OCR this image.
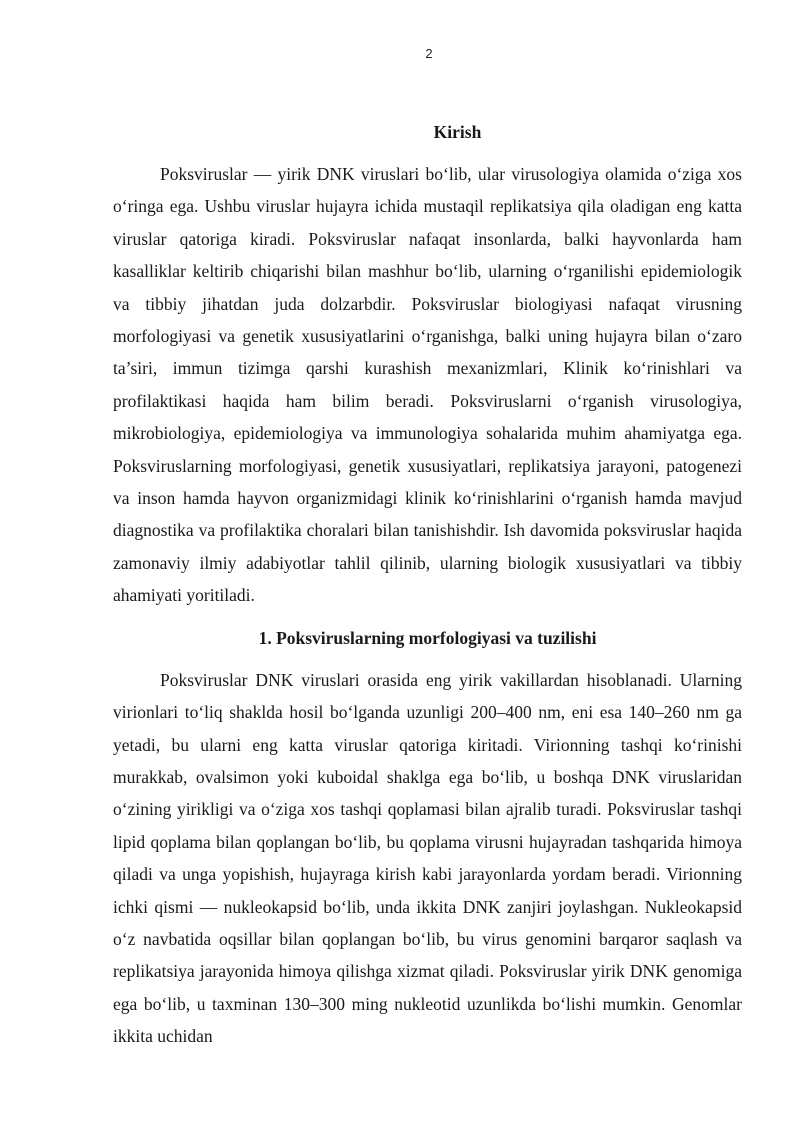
2
Kirish

Poksviruslar — yirik DNK viruslari bo‘lib, ular virusologiya olamida o‘ziga xos o‘ringa ega. Ushbu viruslar hujayra ichida mustaqil replikatsiya qila oladigan eng katta viruslar qatoriga kiradi. Poksviruslar nafaqat insonlarda, balki hayvonlarda ham kasalliklar keltirib chiqarishi bilan mashhur bo‘lib, ularning o‘rganilishi epidemiologik va tibbiy jihatdan juda dolzarbdir. Poksviruslar biologiyasi nafaqat virusning morfologiyasi va genetik xususiyatlarini o‘rganishga, balki uning hujayra bilan o‘zaro ta’siri, immun tizimga qarshi kurashish mexanizmlari, Klinik ko‘rinishlari va profilaktikasi haqida ham bilim beradi. Poksviruslarni o‘rganish virusologiya, mikrobiologiya, epidemiologiya va immunologiya sohalarida muhim ahamiyatga ega. Poksviruslarning morfologiyasi, genetik xususiyatlari, replikatsiya jarayoni, patogenezi va inson hamda hayvon organizmidagi klinik ko‘rinishlarini o‘rganish hamda mavjud diagnostika va profilaktika choralari bilan tanishishdir. Ish davomida poksviruslar haqida zamonaviy ilmiy adabiyotlar tahlil qilinib, ularning biologik xususiyatlari va tibbiy ahamiyati yoritiladi.

1. Poksviruslarning morfologiyasi va tuzilishi

Poksviruslar DNK viruslari orasida eng yirik vakillardan hisoblanadi. Ularning virionlari to‘liq shaklda hosil bo‘lganda uzunligi 200–400 nm, eni esa 140–260 nm ga yetadi, bu ularni eng katta viruslar qatoriga kiritadi. Virionning tashqi ko‘rinishi murakkab, ovalsimon yoki kuboidal shaklga ega bo‘lib, u boshqa DNK viruslaridan o‘zining yirikligi va o‘ziga xos tashqi qoplamasi bilan ajralib turadi. Poksviruslar tashqi lipid qoplama bilan qoplangan bo‘lib, bu qoplama virusni hujayradan tashqarida himoya qiladi va unga yopishish, hujayraga kirish kabi jarayonlarda yordam beradi. Virionning ichki qismi — nukleokapsid bo‘lib, unda ikkita DNK zanjiri joylashgan. Nukleokapsid o‘z navbatida oqsillar bilan qoplangan bo‘lib, bu virus genomini barqaror saqlash va replikatsiya jarayonida himoya qilishga xizmat qiladi. Poksviruslar yirik DNK genomiga ega bo‘lib, u taxminan 130–300 ming nukleotid uzunlikda bo‘lishi mumkin. Genomlar ikkita uchidan
